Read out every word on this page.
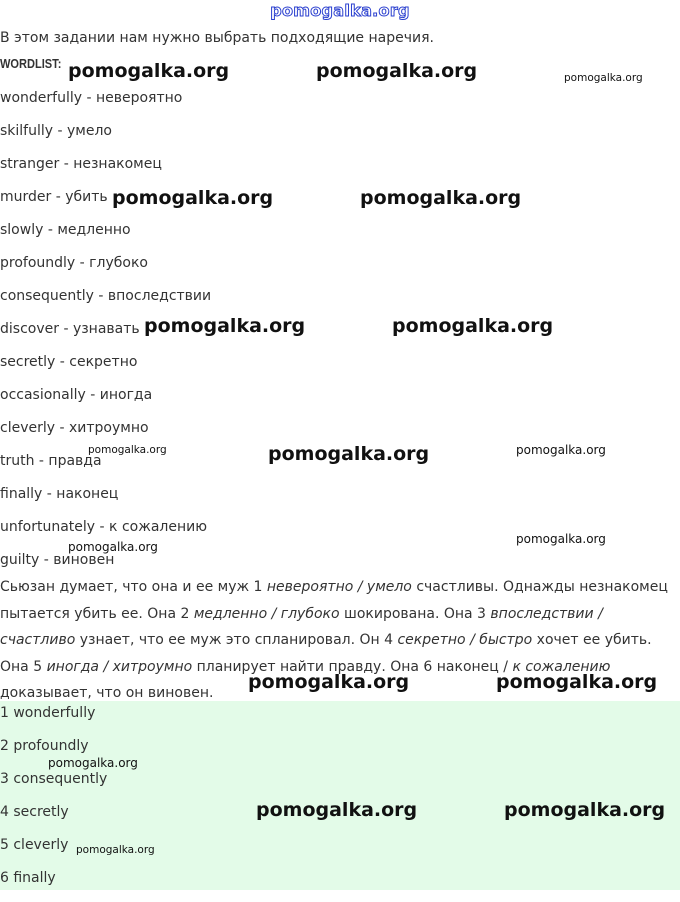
pomogalka.org
В этом задании нам нужно выбрать подходящие наречия.
WORDLIST:
wonderfully - невероятно
skilfully - умело
stranger - незнакомец
murder - убить
slowly - медленно
profoundly - глубоко
consequently - впоследствии
discover - узнавать
secretly - секретно
occasionally - иногда
cleverly - хитроумно
truth - правда
finally - наконец
unfortunately - к сожалению
guilty - виновен
Сьюзан думает, что она и ее муж 1 невероятно / умело счастливы. Однажды незнакомец
пытается убить ее. Она 2 медленно / глубоко шокирована. Она 3 впоследствии /
счастливо узнает, что ее муж это спланировал. Он 4 секретно / быстро хочет ее убить.
Она 5 иногда / хитроумно планирует найти правду. Она 6 наконец / к сожалению
доказывает, что он виновен.
1 wonderfully
2 profoundly
3 consequently
4 secretly
5 cleverly
6 finally
pomogalka.org	pomogalka.org	pomogalka.org
pomogalka.org	pomogalka.org
pomogalka.org	pomogalka.org
pomogalka.org	pomogalka.org	pomogalka.org
pomogalka.org
pomogalka.org
pomogalka.org	pomogalka.org
pomogalka.org
pomogalka.org	pomogalka.org
pomogalka.org
